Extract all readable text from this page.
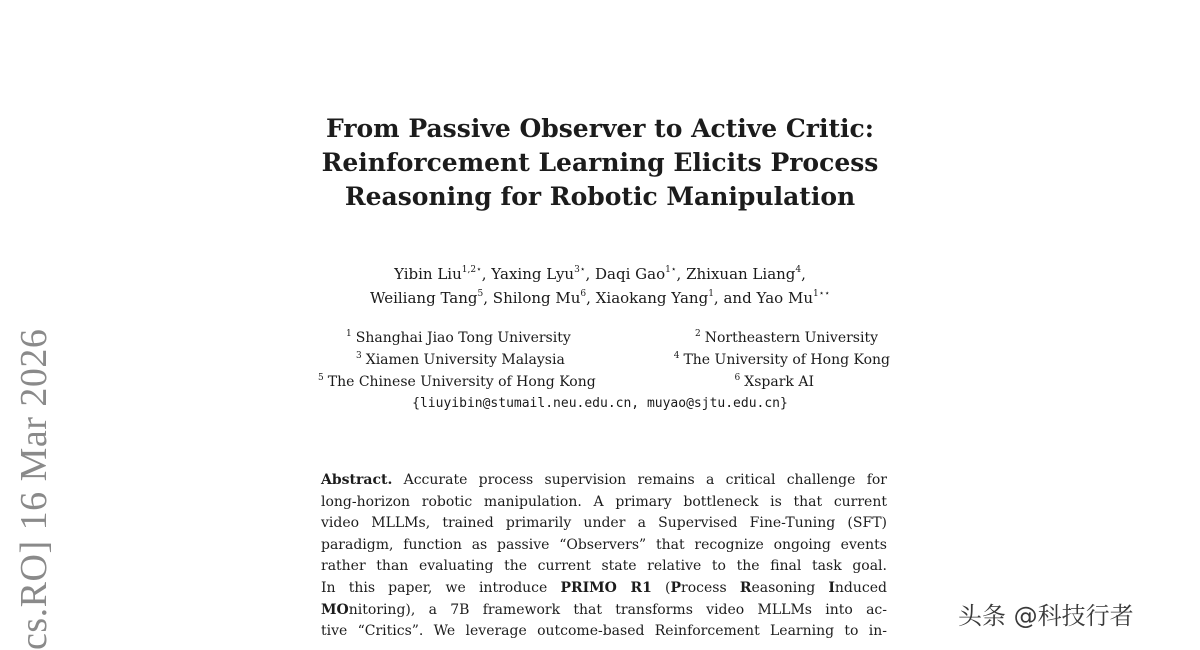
cs.RO] 16 Mar 2026
From Passive Observer to Active Critic:
Reinforcement Learning Elicits Process
Reasoning for Robotic Manipulation
Yibin Liu$^{1,2⋆}$, Yaxing Lyu$^{3⋆}$, Daqi Gao$^{1⋆}$, Zhixuan Liang$^4$,
Weiliang Tang$^5$, Shilong Mu$^6$, Xiaokang Yang$^1$, and Yao $Mu^{1⋆⋆}$
$^1$ Shanghai Jiao Tong University	$^2$ Northeastern University
$^3$ Xiamen University Malaysia	$^4$ The University of Hong Kong
$^5$ The Chinese University of Hong Kong	$^6$ Xspark AI
{liuyibin@stumail.neu.edu.cn, muyao@sjtu.edu.cn}
Abstract. Accurate process supervision remains a critical challenge for
long-horizon robotic manipulation. A primary bottleneck is that current
video MLLMs, trained primarily under a Supervised Fine-Tuning (SFT)
paradigm, function as passive “Observers” that recognize ongoing events
rather than evaluating the current state relative to the final task goal.
In this paper, we introduce PRIMO R1 (Process Reasoning Induced
MOnitoring), a 7B framework that transforms video MLLMs into ac-
tive “Critics”. We leverage outcome-based Reinforcement Learning to in-
头条 @科技行者
